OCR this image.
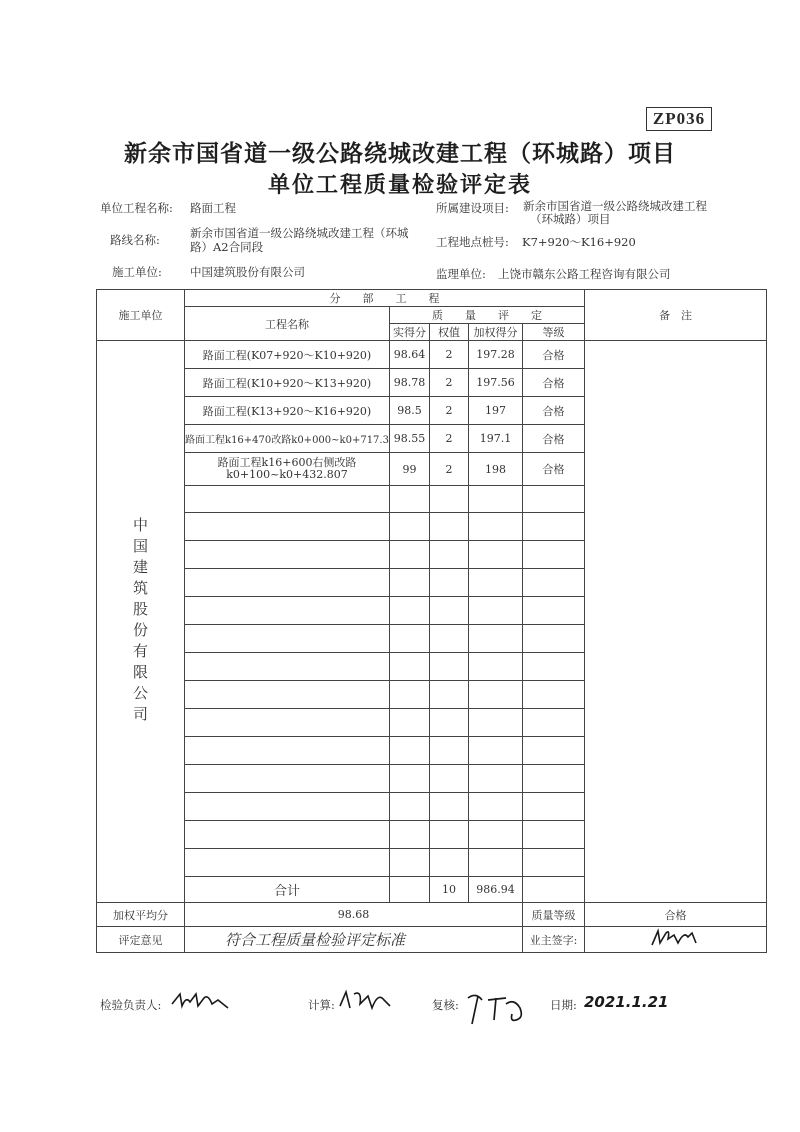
ZP036
新余市国省道一级公路绕城改建工程（环城路）项目
单位工程质量检验评定表
单位工程名称: 路面工程	所属建设项目: 新余市国省道一级公路绕城改建工程
（环城路）项目
路线名称:	新余市国省道一级公路绕城改建工程（环城
路）A2合同段	工程地点桩号: K7+920～K16+920
施工单位: 中国建筑股份有限公司	监理单位: 上饶市赣东公路工程咨询有限公司
施工单位	分　　部　　工　　程					备　注
	工程名称	质　　量　　评　　定				
		实得分	权值	加权得分	等级	

中国建筑股份有限公司	路面工程(K07+920～K10+920)	98.64	2	197.28	合格	
	路面工程(K10+920～K13+920)	98.78	2	197.56	合格	
	路面工程(K13+920～K16+920)	98.5	2	197	合格	
	路面工程k16+470改路k0+000~k0+717.3	98.55	2	197.1	合格	

	路面工程k16+600右侧改路
k0+100~k0+432.807	99	2	198	合格	

	合计		10	986.94		
加权平均分	98.68				质量等级	合格
评定意见	符合工程质量检验评定标准				业主签字:	
检验负责人:	计算:	复核:	日期: 2021.1.21
